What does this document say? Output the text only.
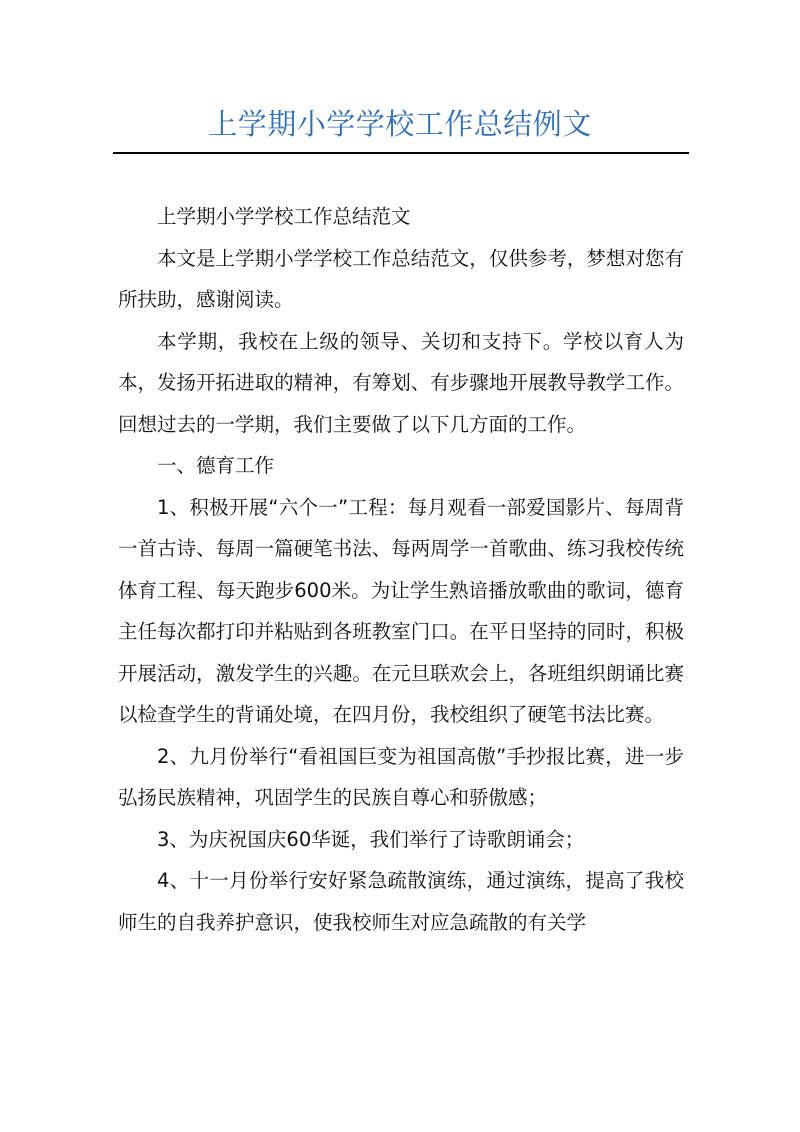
上学期小学学校工作总结例文

上学期小学学校工作总结范文

本文是上学期小学学校工作总结范文，仅供参考，梦想对您有所扶助，感谢阅读。

本学期，我校在上级的领导、关切和支持下。学校以育人为本，发扬开拓进取的精神，有筹划、有步骤地开展教导教学工作。回想过去的一学期，我们主要做了以下几方面的工作。

一、德育工作

1、积极开展“六个一”工程：每月观看一部爱国影片、每周背一首古诗、每周一篇硬笔书法、每两周学一首歌曲、练习我校传统体育工程、每天跑步600米。为让学生熟谙播放歌曲的歌词，德育主任每次都打印并粘贴到各班教室门口。在平日坚持的同时，积极开展活动，激发学生的兴趣。在元旦联欢会上，各班组织朗诵比赛以检查学生的背诵处境，在四月份，我校组织了硬笔书法比赛。

2、九月份举行“看祖国巨变为祖国高傲”手抄报比赛，进一步弘扬民族精神，巩固学生的民族自尊心和骄傲感；

3、为庆祝国庆60华诞，我们举行了诗歌朗诵会；

4、十一月份举行安好紧急疏散演练，通过演练，提高了我校师生的自我养护意识，使我校师生对应急疏散的有关学
